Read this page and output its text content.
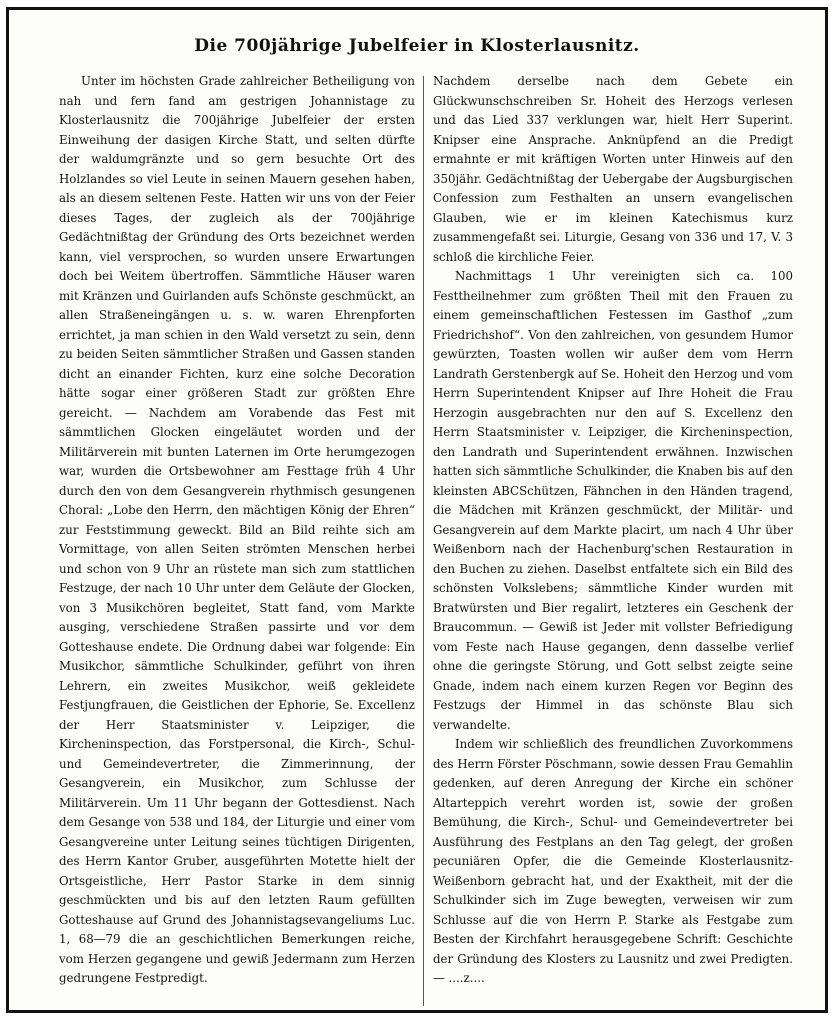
Die 700jährige Jubelfeier in Klosterlausnitz.

Unter im höchsten Grade zahlreicher Betheiligung von nah und fern fand am gestrigen Johannistage zu Klosterlausnitz die 700jährige Jubelfeier der ersten Einweihung der dasigen Kirche Statt, und selten dürfte der waldumgränzte und so gern besuchte Ort des Holzlandes so viel Leute in seinen Mauern gesehen haben, als an diesem seltenen Feste. Hatten wir uns von der Feier dieses Tages, der zugleich als der 700jährige Gedächtnißtag der Gründung des Orts bezeichnet werden kann, viel versprochen, so wurden unsere Erwartungen doch bei Weitem übertroffen. Sämmtliche Häuser waren mit Kränzen und Guirlanden aufs Schönste geschmückt, an allen Straßeneingängen u. s. w. waren Ehrenpforten errichtet, ja man schien in den Wald versetzt zu sein, denn zu beiden Seiten sämmtlicher Straßen und Gassen standen dicht an einander Fichten, kurz eine solche Decoration hätte sogar einer größeren Stadt zur größten Ehre gereicht. — Nachdem am Vorabende das Fest mit sämmtlichen Glocken eingeläutet worden und der Militärverein mit bunten Laternen im Orte herumgezogen war, wurden die Ortsbewohner am Festtage früh 4 Uhr durch den von dem Gesangverein rhythmisch gesungenen Choral: „Lobe den Herrn, den mächtigen König der Ehren“ zur Feststimmung geweckt. Bild an Bild reihte sich am Vormittage, von allen Seiten strömten Menschen herbei und schon von 9 Uhr an rüstete man sich zum stattlichen Festzuge, der nach 10 Uhr unter dem Geläute der Glocken, von 3 Musikchören begleitet, Statt fand, vom Markte ausging, verschiedene Straßen passirte und vor dem Gotteshause endete. Die Ordnung dabei war folgende: Ein Musikchor, sämmtliche Schulkinder, geführt von ihren Lehrern, ein zweites Musikchor, weiß gekleidete Festjungfrauen, die Geistlichen der Ephorie, Se. Excellenz der Herr Staatsminister v. Leipziger, die Kircheninspection, das Forstpersonal, die Kirch-, Schul- und Gemeindevertreter, die Zimmerinnung, der Gesangverein, ein Musikchor, zum Schlusse der Militärverein. Um 11 Uhr begann der Gottesdienst. Nach dem Gesange von 538 und 184, der Liturgie und einer vom Gesangvereine unter Leitung seines tüchtigen Dirigenten, des Herrn Kantor Gruber, ausgeführten Motette hielt der Ortsgeistliche, Herr Pastor Starke in dem sinnig geschmückten und bis auf den letzten Raum gefüllten Gotteshause auf Grund des Johannistagsevangeliums Luc. 1, 68—79 die an geschichtlichen Bemerkungen reiche, vom Herzen gegangene und gewiß Jedermann zum Herzen gedrungene Festpredigt.

Nachdem derselbe nach dem Gebete ein Glückwunschschreiben Sr. Hoheit des Herzogs verlesen und das Lied 337 verklungen war, hielt Herr Superint. Knipser eine Ansprache. Anknüpfend an die Predigt ermahnte er mit kräftigen Worten unter Hinweis auf den 350jähr. Gedächtnißtag der Uebergabe der Augsburgischen Confession zum Festhalten an unsern evangelischen Glauben, wie er im kleinen Katechismus kurz zusammengefaßt sei. Liturgie, Gesang von 336 und 17, V. 3 schloß die kirchliche Feier.

Nachmittags 1 Uhr vereinigten sich ca. 100 Festtheilnehmer zum größten Theil mit den Frauen zu einem gemeinschaftlichen Festessen im Gasthof „zum Friedrichshof“. Von den zahlreichen, von gesundem Humor gewürzten, Toasten wollen wir außer dem vom Herrn Landrath Gerstenbergk auf Se. Hoheit den Herzog und vom Herrn Superintendent Knipser auf Ihre Hoheit die Frau Herzogin ausgebrachten nur den auf S. Excellenz den Herrn Staatsminister v. Leipziger, die Kircheninspection, den Landrath und Superintendent erwähnen. Inzwischen hatten sich sämmtliche Schulkinder, die Knaben bis auf den kleinsten ABCSchützen, Fähnchen in den Händen tragend, die Mädchen mit Kränzen geschmückt, der Militär- und Gesangverein auf dem Markte placirt, um nach 4 Uhr über Weißenborn nach der Hachenburg'schen Restauration in den Buchen zu ziehen. Daselbst entfaltete sich ein Bild des schönsten Volkslebens; sämmtliche Kinder wurden mit Bratwürsten und Bier regalirt, letzteres ein Geschenk der Braucommun. — Gewiß ist Jeder mit vollster Befriedigung vom Feste nach Hause gegangen, denn dasselbe verlief ohne die geringste Störung, und Gott selbst zeigte seine Gnade, indem nach einem kurzen Regen vor Beginn des Festzugs der Himmel in das schönste Blau sich verwandelte.

Indem wir schließlich des freundlichen Zuvorkommens des Herrn Förster Pöschmann, sowie dessen Frau Gemahlin gedenken, auf deren Anregung der Kirche ein schöner Altarteppich verehrt worden ist, sowie der großen Bemühung, die Kirch-, Schul- und Gemeindevertreter bei Ausführung des Festplans an den Tag gelegt, der großen pecuniären Opfer, die die Gemeinde Klosterlausnitz-Weißenborn gebracht hat, und der Exaktheit, mit der die Schulkinder sich im Zuge bewegten, verweisen wir zum Schlusse auf die von Herrn P. Starke als Festgabe zum Besten der Kirchfahrt herausgegebene Schrift: Geschichte der Gründung des Klosters zu Lausnitz und zwei Predigten. — ....z....
